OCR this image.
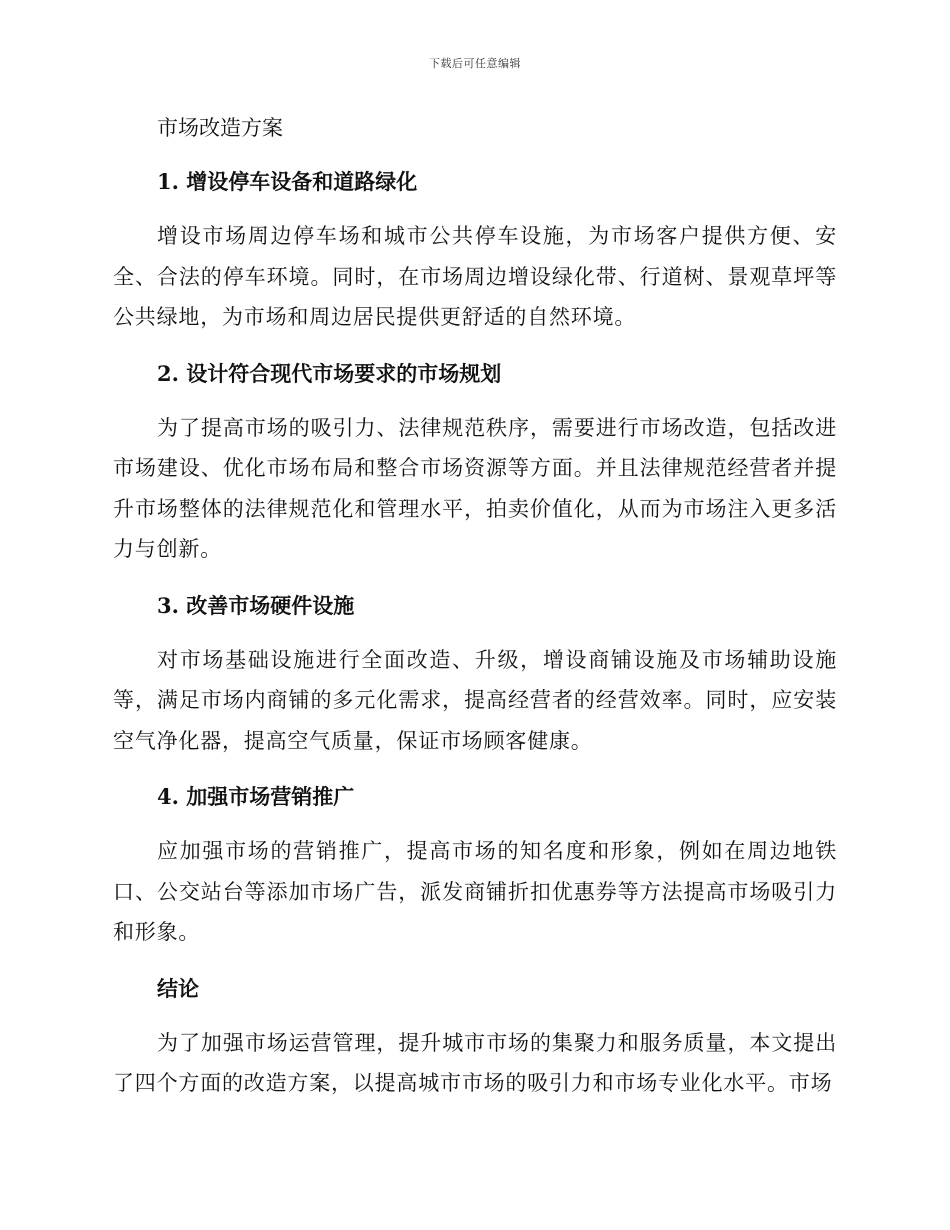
下载后可任意编辑

市场改造方案

1. 增设停车设备和道路绿化

增设市场周边停车场和城市公共停车设施，为市场客户提供方便、安全、合法的停车环境。同时，在市场周边增设绿化带、行道树、景观草坪等公共绿地，为市场和周边居民提供更舒适的自然环境。

2. 设计符合现代市场要求的市场规划

为了提高市场的吸引力、法律规范秩序，需要进行市场改造，包括改进市场建设、优化市场布局和整合市场资源等方面。并且法律规范经营者并提升市场整体的法律规范化和管理水平，拍卖价值化，从而为市场注入更多活力与创新。

3. 改善市场硬件设施

对市场基础设施进行全面改造、升级，增设商铺设施及市场辅助设施等，满足市场内商铺的多元化需求，提高经营者的经营效率。同时，应安装空气净化器，提高空气质量，保证市场顾客健康。

4. 加强市场营销推广

应加强市场的营销推广，提高市场的知名度和形象，例如在周边地铁口、公交站台等添加市场广告，派发商铺折扣优惠券等方法提高市场吸引力和形象。

结论

为了加强市场运营管理，提升城市市场的集聚力和服务质量，本文提出了四个方面的改造方案，以提高城市市场的吸引力和市场专业化水平。市场
